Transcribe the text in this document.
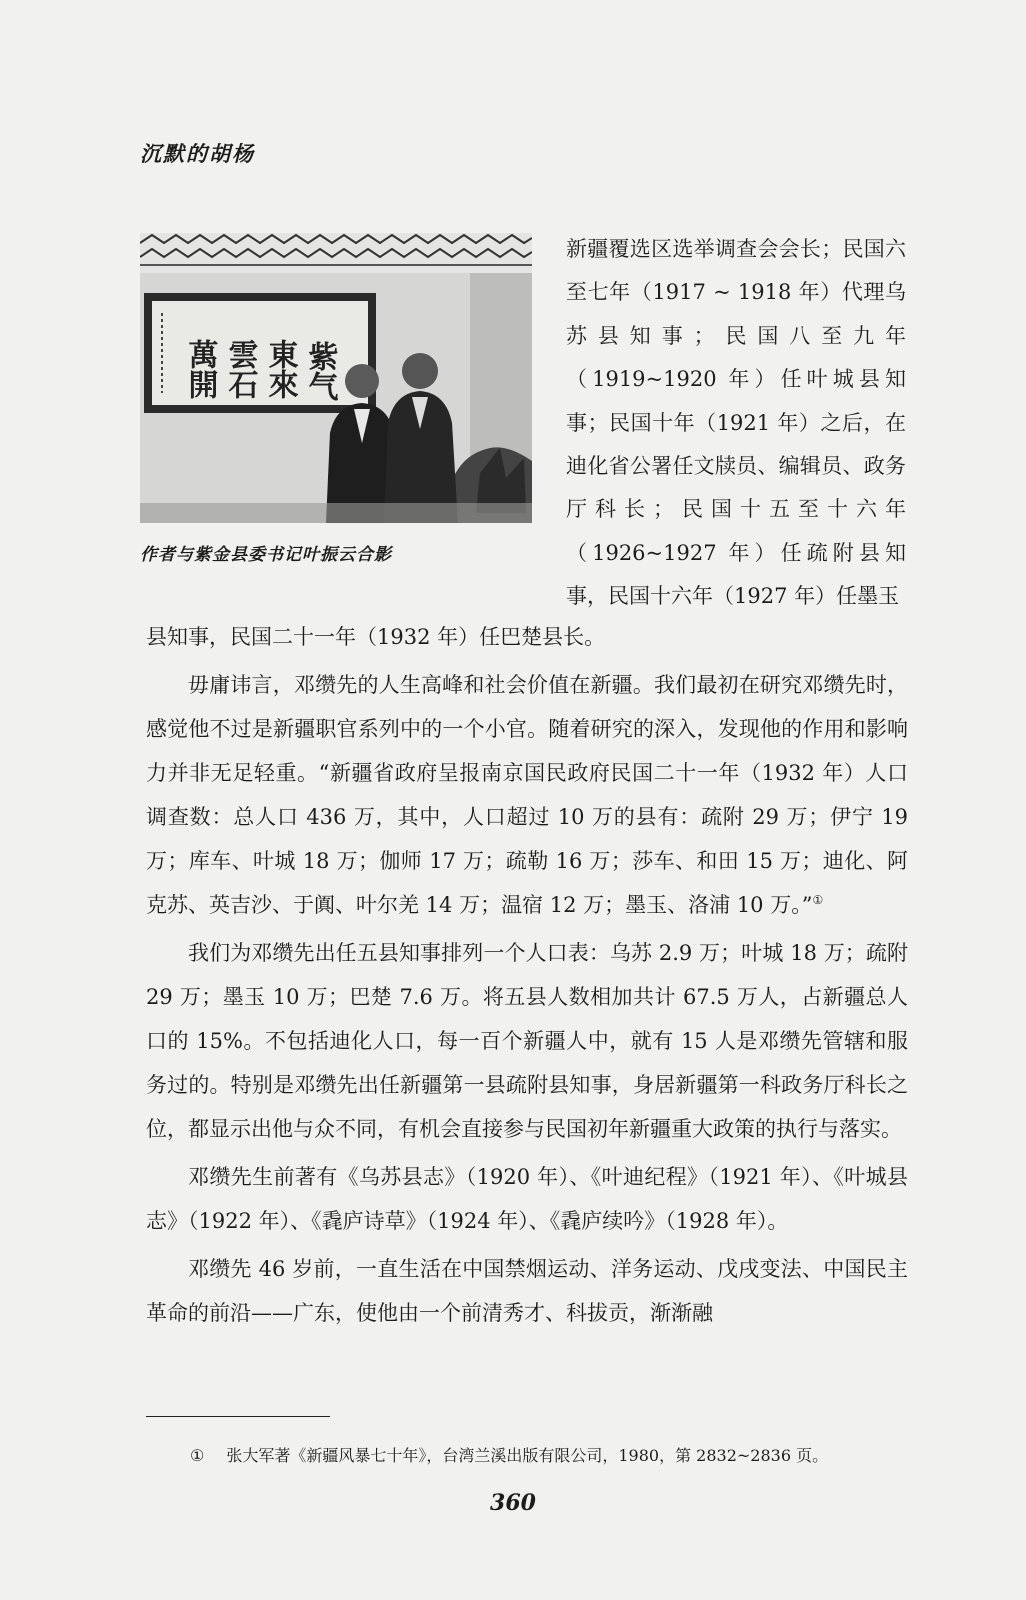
沉默的胡杨
紫气
東來
雲石
萬開
作者与紫金县委书记叶振云合影

新疆覆选区选举调查会会长；民国六至七年（1917 ~ 1918 年）代理乌苏县知事；民国八至九年（1919~1920 年）任叶城县知事；民国十年（1921 年）之后，在迪化省公署任文牍员、编辑员、政务厅科长；民国十五至十六年（1926~1927 年）任疏附县知事，民国十六年（1927 年）任墨玉

县知事，民国二十一年（1932 年）任巴楚县长。

毋庸讳言，邓缵先的人生高峰和社会价值在新疆。我们最初在研究邓缵先时，感觉他不过是新疆职官系列中的一个小官。随着研究的深入，发现他的作用和影响力并非无足轻重。“新疆省政府呈报南京国民政府民国二十一年（1932 年）人口调查数：总人口 436 万，其中，人口超过 10 万的县有：疏附 29 万；伊宁 19 万；库车、叶城 18 万；伽师 17 万；疏勒 16 万；莎车、和田 15 万；迪化、阿克苏、英吉沙、于阗、叶尔羌 14 万；温宿 12 万；墨玉、洛浦 10 万。”①

我们为邓缵先出任五县知事排列一个人口表：乌苏 2.9 万；叶城 18 万；疏附 29 万；墨玉 10 万；巴楚 7.6 万。将五县人数相加共计 67.5 万人，占新疆总人口的 15%。不包括迪化人口，每一百个新疆人中，就有 15 人是邓缵先管辖和服务过的。特别是邓缵先出任新疆第一县疏附县知事，身居新疆第一科政务厅科长之位，都显示出他与众不同，有机会直接参与民国初年新疆重大政策的执行与落实。

邓缵先生前著有《乌苏县志》（1920 年）、《叶迪纪程》（1921 年）、《叶城县志》（1922 年）、《毳庐诗草》（1924 年）、《毳庐续吟》（1928 年）。

邓缵先 46 岁前，一直生活在中国禁烟运动、洋务运动、戊戌变法、中国民主革命的前沿——广东，使他由一个前清秀才、科拔贡，渐渐融

① 张大军著《新疆风暴七十年》，台湾兰溪出版有限公司，1980，第 2832~2836 页。
360
